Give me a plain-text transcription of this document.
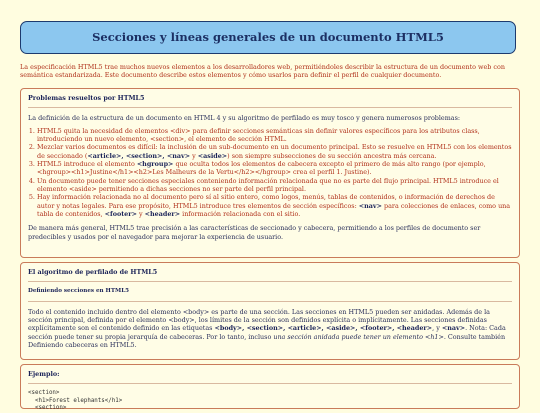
Secciones y líneas generales de un documento HTML5
La especificación HTML5 trae muchos nuevos elementos a los desarrolladores web, permitiéndoles describir la estructura de un documento web con semántica estandarizada. Este documento describe estos elementos y cómo usarlos para definir el perfil de cualquier documento.
Problemas resueltos por HTML5

La definición de la estructura de un documento en HTML 4 y su algoritmo de perfilado es muy tosco y genera numerosos problemas:

1. HTML5 quita la necesidad de elementos <div> para definir secciones semánticas sin definir valores específicos para los atributos class, introduciendo un nuevo elemento, <section>, el elemento de sección HTML.
2. Mezclar varios documentos es difícil: la inclusión de un sub-documento en un documento principal. Esto se resuelve en HTML5 con los elementos de seccionado (<article>, <section>, <nav> y <aside>) son siempre subsecciones de su sección ancestra más cercana.
3. HTML5 introduce el elemento <hgroup> que oculta todos los elementos de cabecera excepto el primero de más alto rango (por ejemplo, <hgroup><h1>Justine</h1><h2>Les Malheurs de la Vertu</h2></hgroup> crea el perfil 1. Justine).
4. Un documento puede tener secciones especiales conteniendo información relacionada que no es parte del flujo principal. HTML5 introduce el elemento <aside> permitiendo a dichas secciones no ser parte del perfil principal.
5. Hay información relacionada no al documento pero sí al sitio entero, como logos, menús, tablas de contenidos, o información de derechos de autor y notas legales. Para ese propósito, HTML5 introduce tres elementos de sección específicos: <nav> para colecciones de enlaces, como una tabla de contenidos, <footer> y <header> información relacionada con el sitio.

De manera más general, HTML5 trae precisión a las características de seccionado y cabecera, permitiendo a los perfiles de documento ser predecibles y usados por el navegador para mejorar la experiencia de usuario.

El algoritmo de perfilado de HTML5
Definiendo secciones en HTML5

Todo el contenido incluido dentro del elemento <body> es parte de una sección. Las secciones en HTML5 pueden ser anidadas. Además de la sección principal, definida por el elemento <body>, los límites de la sección son definidos explícita o implícitamente. Las secciones definidas explícitamente son el contenido definido en las etiquetas <body>, <section>, <article>, <aside>, <footer>, <header>, y <nav>. Nota: Cada sección puede tener su propia jerarquía de cabeceras. Por lo tanto, incluso una sección anidada puede tener un elemento <h1>. Consulte también Definiendo cabeceras en HTML5.

Ejemplo:
<section>
<h1>Forest elephants</h1>
<section>
